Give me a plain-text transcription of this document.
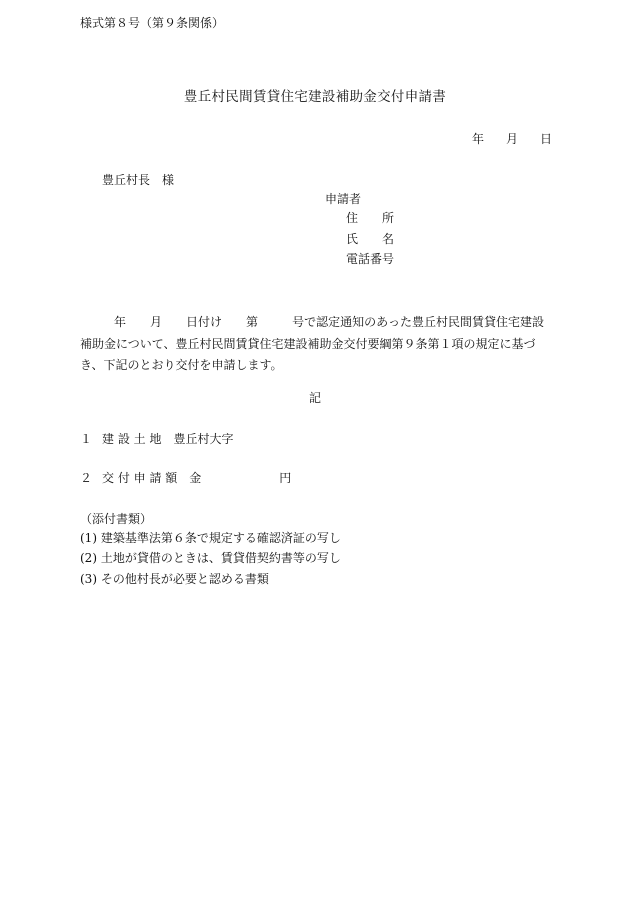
様式第８号（第９条関係）
豊丘村民間賃貸住宅建設補助金交付申請書
年 月 日
豊丘村長　様
申請者
住　　所
氏　　名
電話番号
年 月 日付け 第	号で認定通知のあった豊丘村民間賃貸住宅建設補助金について、豊丘村民間賃貸住宅建設補助金交付要綱第９条第１項の規定に基づき、下記のとおり交付を申請します。
記
１ 建 設 土 地 豊丘村大字
２ 交 付 申 請 額 金	円
（添付書類）
(1) 建築基準法第６条で規定する確認済証の写し
(2) 土地が貸借のときは、賃貸借契約書等の写し
(3) その他村長が必要と認める書類
